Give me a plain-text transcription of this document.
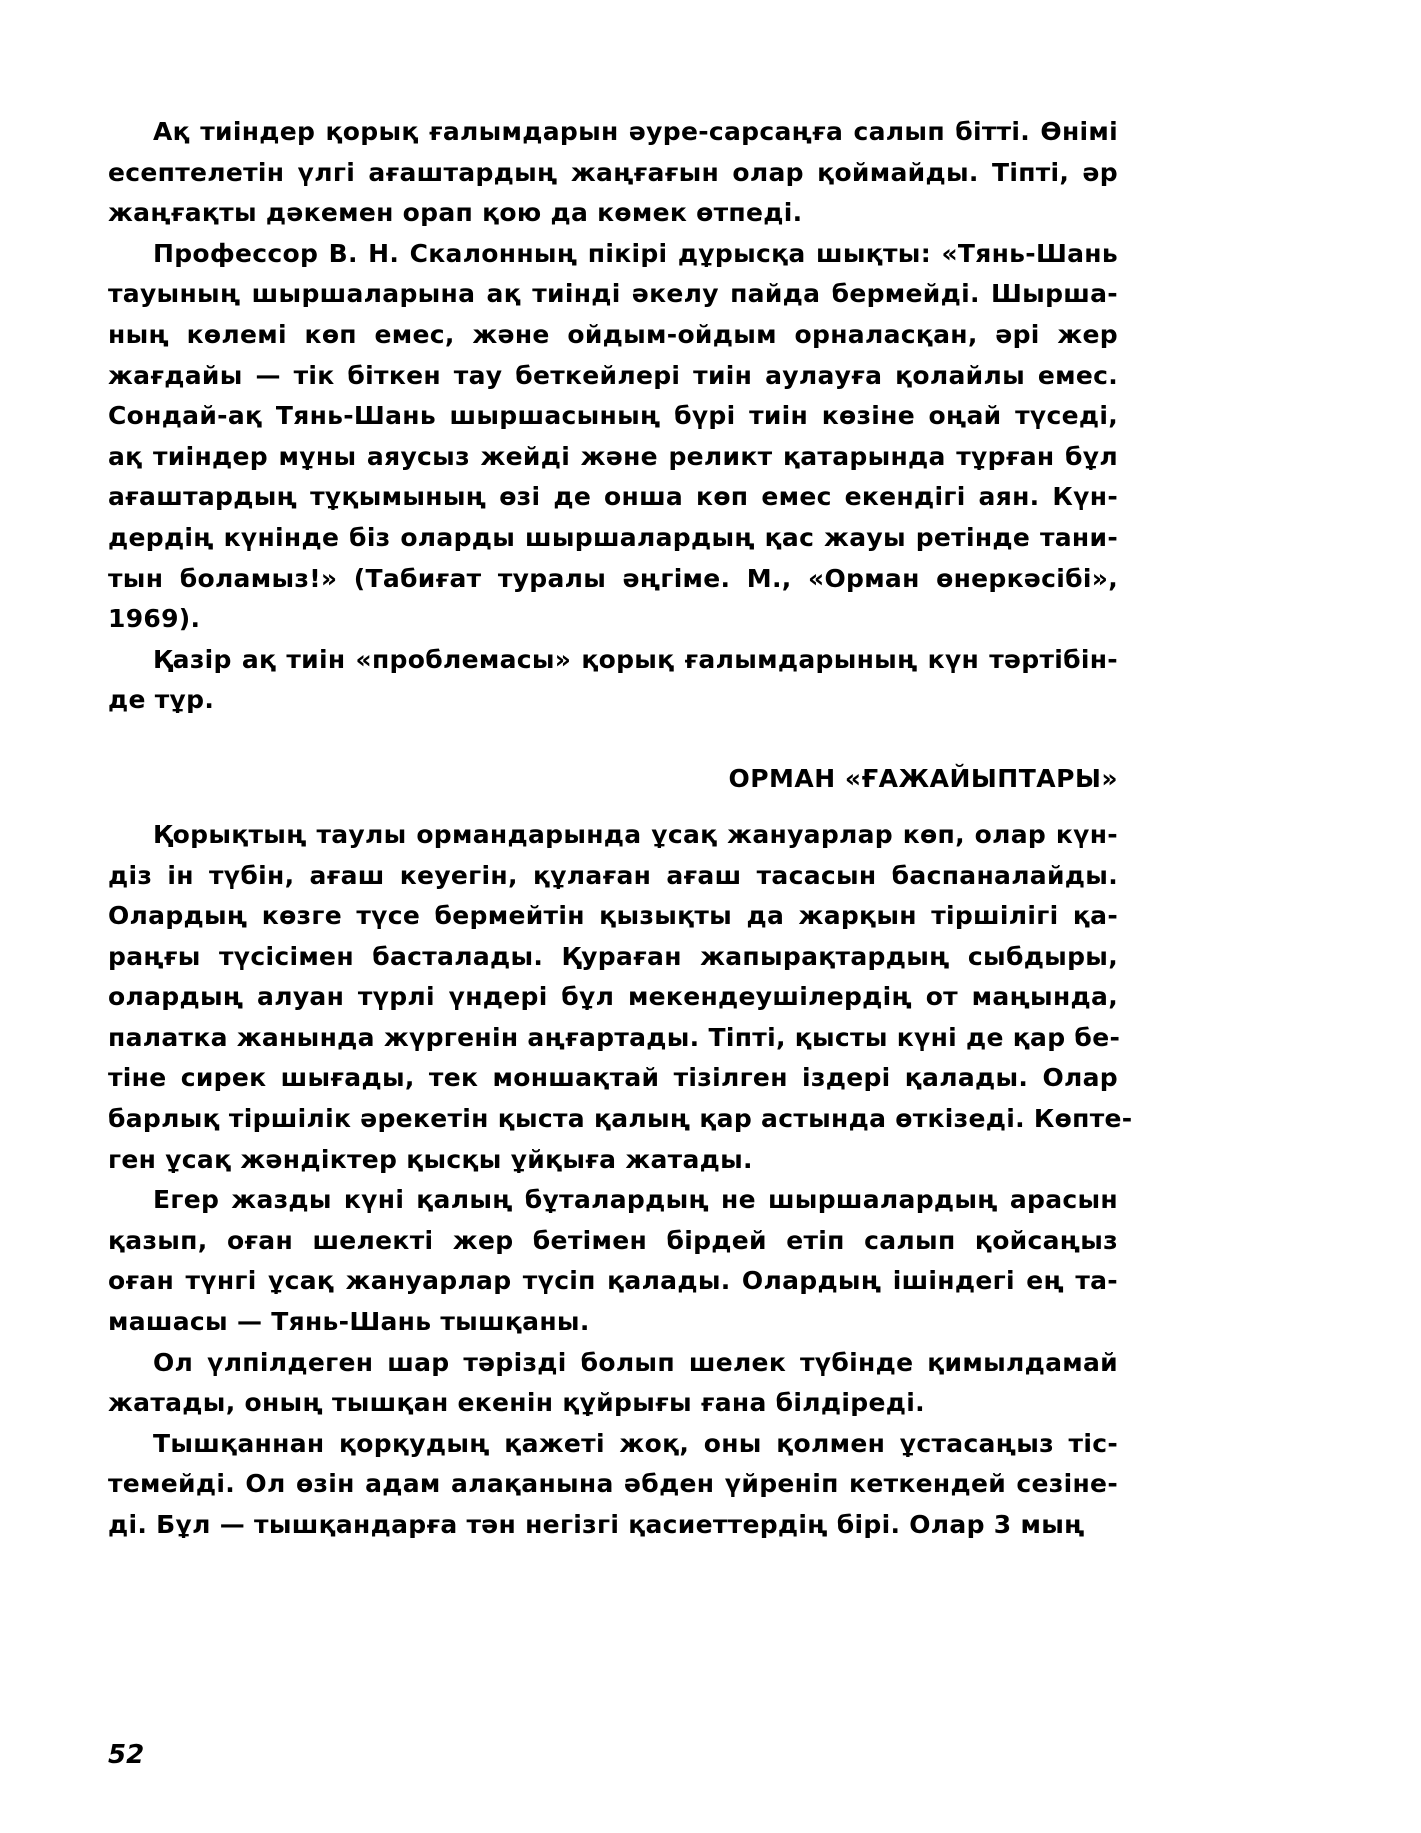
Ақ тиіндер қорық ғалымдарын әуре-сарсаңға салып бітті. Өнімі
есептелетін үлгі ағаштардың жаңғағын олар қоймайды. Тіпті, әр
жаңғақты дәкемен орап қою да көмек өтпеді.
Профессор В. Н. Скалонның пікірі дұрысқа шықты: «Тянь-Шань
тауының шыршаларына ақ тиінді әкелу пайда бермейді. Шырша-
ның көлемі көп емес, және ойдым-ойдым орналасқан, әрі жер
жағдайы — тік біткен тау беткейлері тиін аулауға қолайлы емес.
Сондай-ақ Тянь-Шань шыршасының бүрі тиін көзіне оңай түседі,
ақ тиіндер мұны аяусыз жейді және реликт қатарында тұрған бұл
ағаштардың тұқымының өзі де онша көп емес екендігі аян. Күн-
дердің күнінде біз оларды шыршалардың қас жауы ретінде тани-
тын боламыз!» (Табиғат туралы әңгіме. М., «Орман өнеркәсібі»,
1969).
Қазір ақ тиін «проблемасы» қорық ғалымдарының күн тәртібін-
де тұр.
ОРМАН «ҒАЖАЙЫПТАРЫ»
Қорықтың таулы ормандарында ұсақ жануарлар көп, олар күн-
діз ін түбін, ағаш кеуегін, құлаған ағаш тасасын баспаналайды.
Олардың көзге түсе бермейтін қызықты да жарқын тіршілігі қа-
раңғы түсісімен басталады. Қураған жапырақтардың сыбдыры,
олардың алуан түрлі үндері бұл мекендеушілердің от маңында,
палатка жанында жүргенін аңғартады. Тіпті, қысты күні де қар бе-
тіне сирек шығады, тек моншақтай тізілген іздері қалады. Олар
барлық тіршілік әрекетін қыста қалың қар астында өткізеді. Көпте-
ген ұсақ жәндіктер қысқы ұйқыға жатады.
Егер жазды күні қалың бұталардың не шыршалардың арасын
қазып, оған шелекті жер бетімен бірдей етіп салып қойсаңыз
оған түнгі ұсақ жануарлар түсіп қалады. Олардың ішіндегі ең та-
машасы — Тянь-Шань тышқаны.
Ол үлпілдеген шар тәрізді болып шелек түбінде қимылдамай
жатады, оның тышқан екенін құйрығы ғана білдіреді.
Тышқаннан қорқудың қажеті жоқ, оны қолмен ұстасаңыз тіс-
темейді. Ол өзін адам алақанына әбден үйреніп кеткендей сезіне-
ді. Бұл — тышқандарға тән негізгі қасиеттердің бірі. Олар 3 мың
52
